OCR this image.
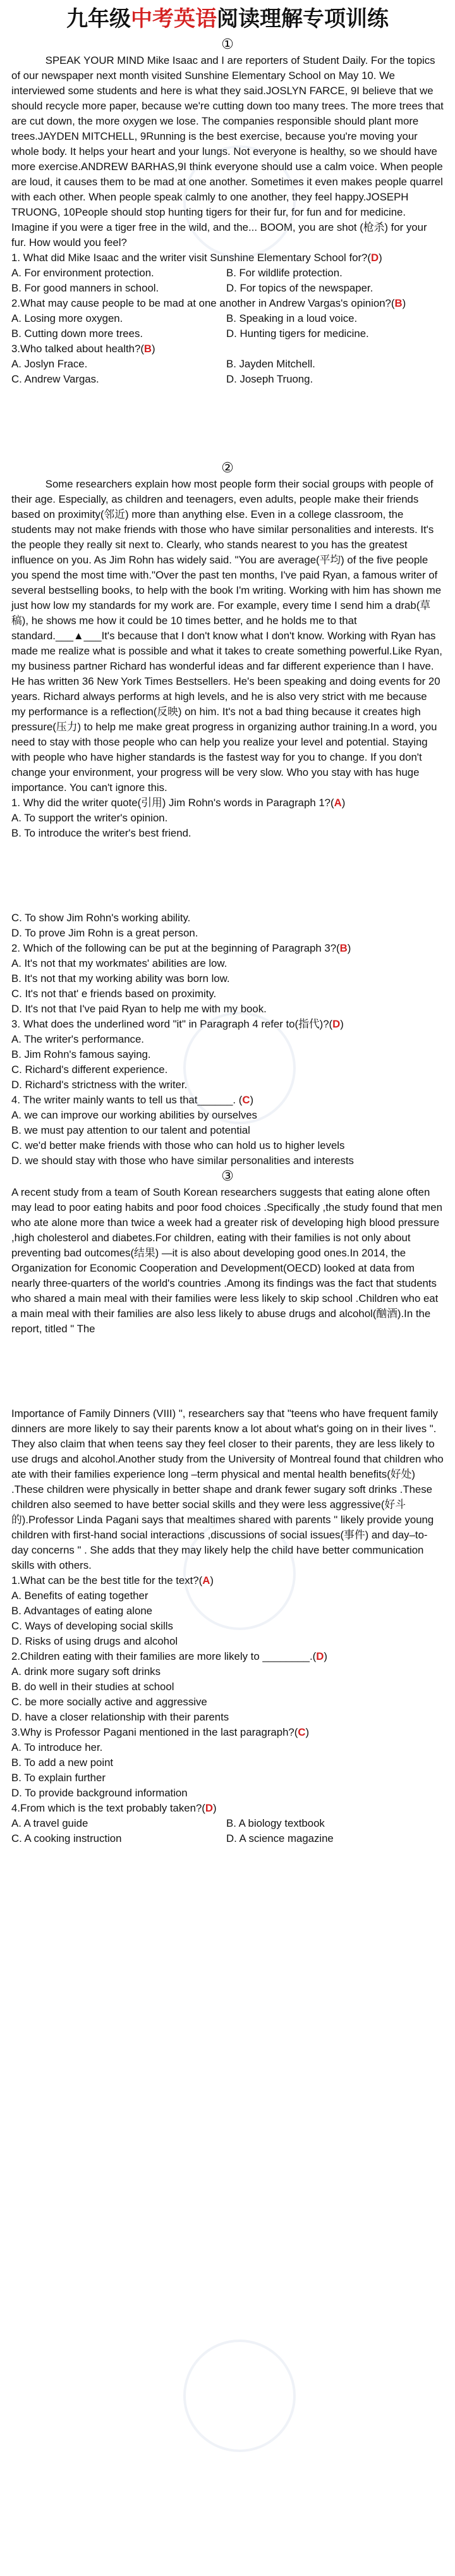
九年级中考英语阅读理解专项训练
①

SPEAK YOUR MIND Mike Isaac and I are reporters of Student Daily. For the topics of our newspaper next month visited Sunshine Elementary School on May 10. We interviewed some students and here is what they said.JOSLYN FARCE, 9I believe that we should recycle more paper, because we're cutting down too many trees. The more trees that are cut down, the more oxygen we lose. The companies responsible should plant more trees.JAYDEN MITCHELL, 9Running is the best exercise, because you're moving your whole body. It helps your heart and your lungs. Not everyone is healthy, so we should have more exercise.ANDREW BARHAS,9I think everyone should use a calm voice. When people are loud, it causes them to be mad at one another. Sometimes it even makes people quarrel with each other. When people speak calmly to one another, they feel happy.JOSEPH TRUONG, 10People should stop hunting tigers for their fur, for fun and for medicine. Imagine if you were a tiger free in the wild, and the... BOOM, you are shot (枪杀) for your fur. How would you feel?

1. What did Mike Isaac and the writer visit Sunshine Elementary School for?(D)

A. For environment protection.	B. For wildlife protection.
B. For good manners in school.	D. For topics of the newspaper.

2.What may cause people to be mad at one another in Andrew Vargas's opinion?(B)

A. Losing more oxygen.	B. Speaking in a loud voice.
B. Cutting down more trees.	D. Hunting tigers for medicine.

3.Who talked about health?(B)

A. Joslyn Frace.	B. Jayden Mitchell.
C. Andrew Vargas.	D. Joseph Truong.
②

Some researchers explain how most people form their social groups with people of their age. Especially, as children and teenagers, even adults, people make their friends based on proximity(邻近) more than anything else. Even in a college classroom, the students may not make friends with those who have similar personalities and interests. It's the people they really sit next to. Clearly, who stands nearest to you has the greatest influence on you. As Jim Rohn has widely said. "You are average(平均) of the five people you spend the most time with."Over the past ten months, I've paid Ryan, a famous writer of several bestselling books, to help with the book I'm writing. Working with him has shown me just how low my standards for my work are. For example, every time I send him a drab(草稿), he shows me how it could be 10 times better, and he holds me to that standard.___▲___It's because that I don't know what I don't know. Working with Ryan has made me realize what is possible and what it takes to create something powerful.Like Ryan, my business partner Richard has wonderful ideas and far different experience than I have. He has written 36 New York Times Bestsellers. He's been speaking and doing events for 20 years. Richard always performs at high levels, and he is also very strict with me because my performance is a reflection(反映) on him. It's not a bad thing because it creates high pressure(压力) to help me make great progress in organizing author training.In a word, you need to stay with those people who can help you realize your level and potential. Staying with people who have higher standards is the fastest way for you to change. If you don't change your environment, your progress will be very slow. Who you stay with has huge importance. You can't ignore this.

1. Why did the writer quote(引用) Jim Rohn's words in Paragraph 1?(A)

A. To support the writer's opinion.

B. To introduce the writer's best friend.

C. To show Jim Rohn's working ability.

D. To prove Jim Rohn is a great person.

2. Which of the following can be put at the beginning of Paragraph 3?(B)

A. It's not that my workmates' abilities are low.

B. It's not that my working ability was born low.

C. It's not that' e friends based on proximity.

D. It's not that I've paid Ryan to help me with my book.

3. What does the underlined word "it" in Paragraph 4 refer to(指代)?(D)

A. The writer's performance.

B. Jim Rohn's famous saying.

C. Richard's different experience.

D. Richard's strictness with the writer.

4. The writer mainly wants to tell us that______. (C)

A. we can improve our working abilities by ourselves

B. we must pay attention to our talent and potential

C. we'd better make friends with those who can hold us to higher levels

D. we should stay with those who have similar personalities and interests

③

A recent study from a team of South Korean researchers suggests that eating alone often may lead to poor eating habits and poor food choices .Specifically ,the study found that men who ate alone more than twice a week had a greater risk of developing high blood pressure ,high cholesterol and diabetes.For children, eating with their families is not only about preventing bad outcomes(结果) —it is also about developing good ones.In 2014, the Organization for Economic Cooperation and Development(OECD) looked at data from nearly three-quarters of the world's countries .Among its findings was the fact that students who shared a main meal with their families were less likely to skip school .Children who eat a main meal with their families are also less likely to abuse drugs and alcohol(酗酒).In the report, titled " The

Importance of Family Dinners (VIII) ", researchers say that "teens who have frequent family dinners are more likely to say their parents know a lot about what's going on in their lives ". They also claim that when teens say they feel closer to their parents, they are less likely to use drugs and alcohol.Another study from the University of Montreal found that children who ate with their families experience long –term physical and mental health benefits(好处) .These children were physically in better shape and drank fewer sugary soft drinks .These children also seemed to have better social skills and they were less aggressive(好斗的).Professor Linda Pagani says that mealtimes shared with parents " likely provide young children with first-hand social interactions ,discussions of social issues(事件) and day–to-day concerns " . She adds that they may likely help the child have better communication skills with others.

1.What can be the best title for the text?(A)

A. Benefits of eating together

B. Advantages of eating alone

C. Ways of developing social skills

D. Risks of using drugs and alcohol

2.Children eating with their families are more likely to ________.(D)

A. drink more sugary soft drinks

B. do well in their studies at school

C. be more socially active and aggressive

D. have a closer relationship with their parents

3.Why is Professor Pagani mentioned in the last paragraph?(C)

A. To introduce her.

B. To add a new point

B. To explain further

D. To provide background information

4.From which is the text probably taken?(D)

A. A travel guide	B. A biology textbook
C. A cooking instruction	D. A science magazine
